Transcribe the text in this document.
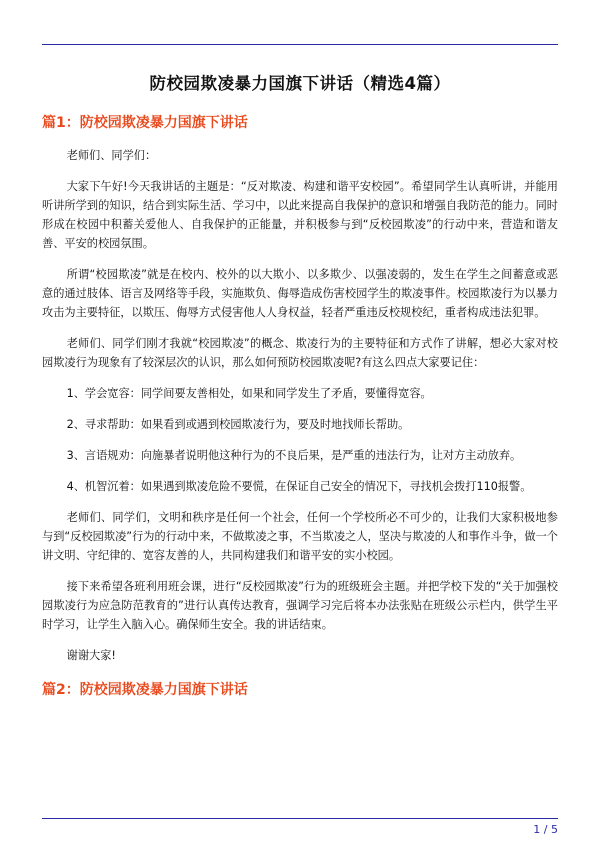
防校园欺凌暴力国旗下讲话（精选4篇）
篇1：防校园欺凌暴力国旗下讲话

老师们、同学们：

大家下午好!今天我讲话的主题是：“反对欺凌、构建和谐平安校园”。希望同学生认真听讲，并能用听讲所学到的知识，结合到实际生活、学习中，以此来提高自我保护的意识和增强自我防范的能力。同时形成在校园中积蓄关爱他人、自我保护的正能量，并积极参与到“反校园欺凌”的行动中来，营造和谐友善、平安的校园氛围。

所谓“校园欺凌”就是在校内、校外的以大欺小、以多欺少、以强凌弱的，发生在学生之间蓄意或恶意的通过肢体、语言及网络等手段，实施欺负、侮辱造成伤害校园学生的欺凌事件。校园欺凌行为以暴力攻击为主要特征，以欺压、侮辱方式侵害他人人身权益，轻者严重违反校规校纪，重者构成违法犯罪。

老师们、同学们刚才我就“校园欺凌”的概念、欺凌行为的主要特征和方式作了讲解，想必大家对校园欺凌行为现象有了较深层次的认识，那么如何预防校园欺凌呢?有这么四点大家要记住：

1、学会宽容：同学间要友善相处，如果和同学发生了矛盾，要懂得宽容。

2、寻求帮助：如果看到或遇到校园欺凌行为，要及时地找师长帮助。

3、言语规劝：向施暴者说明他这种行为的不良后果，是严重的违法行为，让对方主动放弃。

4、机智沉着：如果遇到欺凌危险不要慌，在保证自己安全的情况下，寻找机会拨打110报警。

老师们、同学们，文明和秩序是任何一个社会，任何一个学校所必不可少的，让我们大家积极地参与到“反校园欺凌”行为的行动中来，不做欺凌之事，不当欺凌之人，坚决与欺凌的人和事作斗争，做一个讲文明、守纪律的、宽容友善的人，共同构建我们和谐平安的实小校园。

接下来希望各班利用班会课，进行“反校园欺凌”行为的班级班会主题。并把学校下发的“关于加强校园欺凌行为应急防范教育的”进行认真传达教育，强调学习完后将本办法张贴在班级公示栏内，供学生平时学习，让学生入脑入心。确保师生安全。我的讲话结束。

谢谢大家!

篇2：防校园欺凌暴力国旗下讲话
1 / 5
